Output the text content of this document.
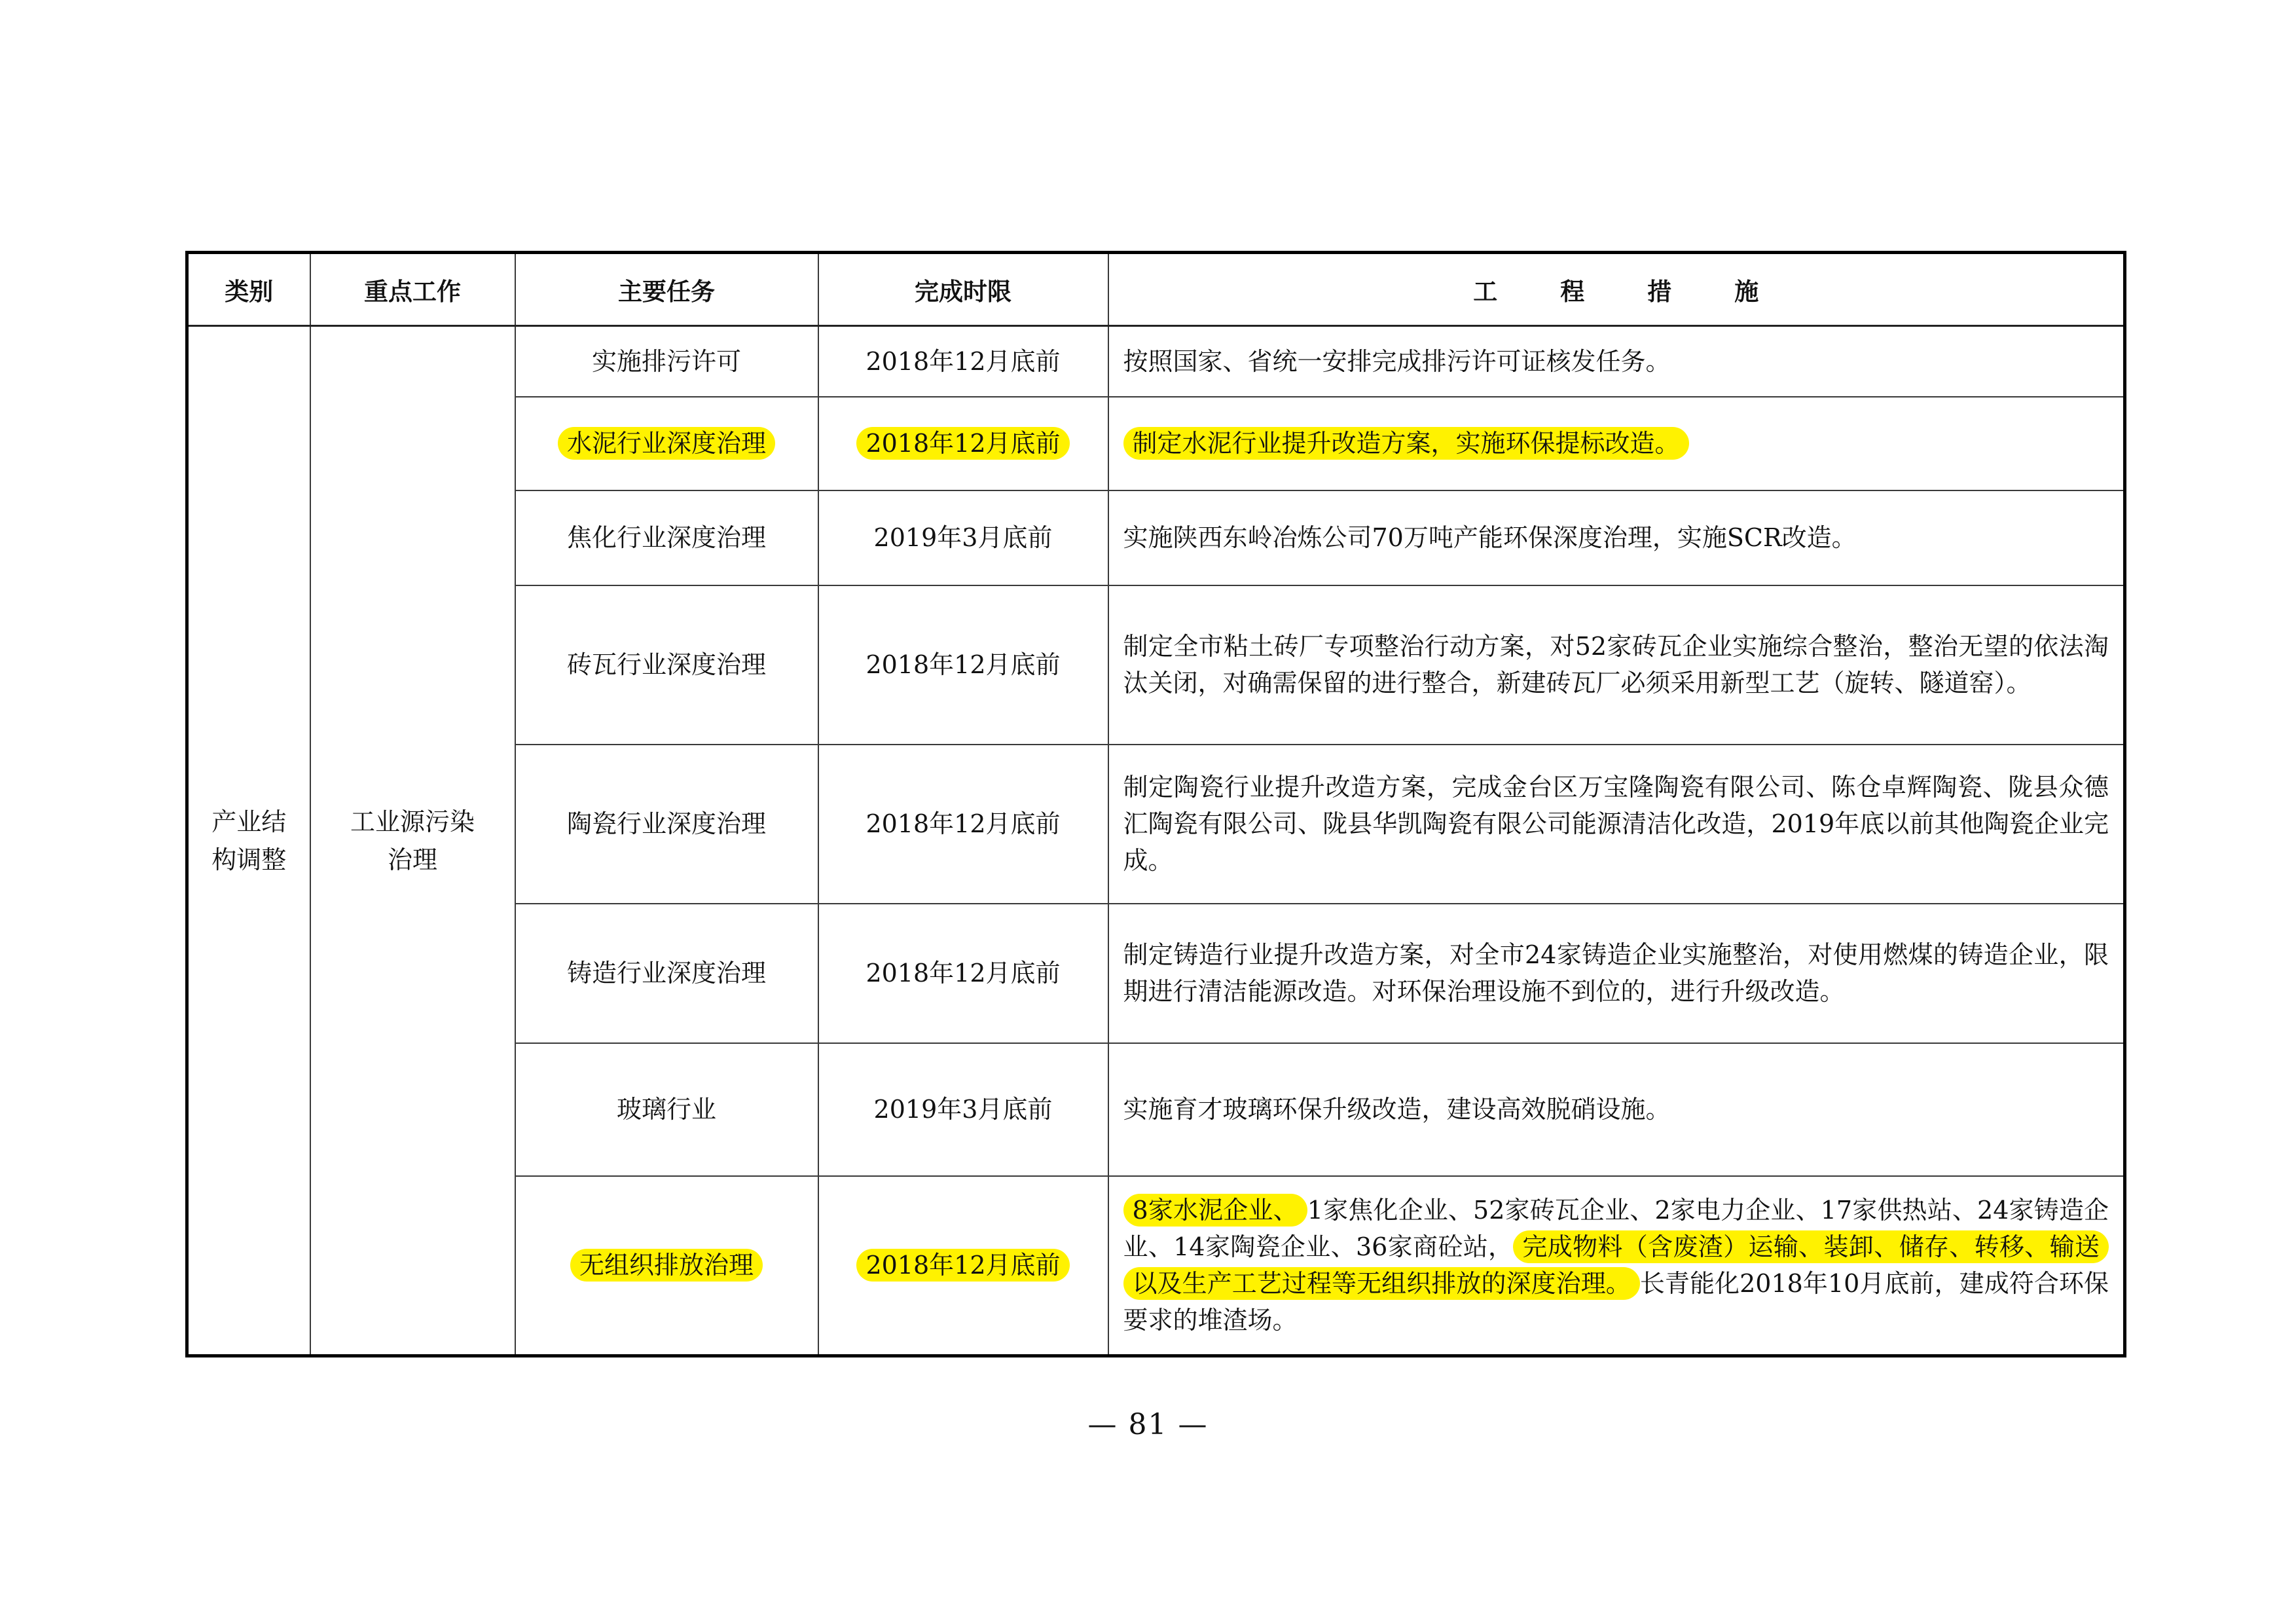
类别	重点工作	主要任务	完成时限	工程措施
产业结构调整	工业源污染治理	实施排污许可	2018年12月底前	按照国家、省统一安排完成排污许可证核发任务。
		水泥行业深度治理	2018年12月底前	制定水泥行业提升改造方案，实施环保提标改造。
		焦化行业深度治理	2019年3月底前	实施陕西东岭冶炼公司70万吨产能环保深度治理，实施SCR改造。
		砖瓦行业深度治理	2018年12月底前	制定全市粘土砖厂专项整治行动方案，对52家砖瓦企业实施综合整治，整治无望的依法淘汰关闭，对确需保留的进行整合，新建砖瓦厂必须采用新型工艺（旋转、隧道窑）。
		陶瓷行业深度治理	2018年12月底前	制定陶瓷行业提升改造方案，完成金台区万宝隆陶瓷有限公司、陈仓卓辉陶瓷、陇县众德汇陶瓷有限公司、陇县华凯陶瓷有限公司能源清洁化改造，2019年底以前其他陶瓷企业完成。
		铸造行业深度治理	2018年12月底前	制定铸造行业提升改造方案，对全市24家铸造企业实施整治，对使用燃煤的铸造企业，限期进行清洁能源改造。对环保治理设施不到位的，进行升级改造。
		玻璃行业	2019年3月底前	实施育才玻璃环保升级改造，建设高效脱硝设施。
		无组织排放治理	2018年12月底前	8家水泥企业、 1家焦化企业、52家砖瓦企业、2家电力企业、17家供热站、24家铸造企业、14家陶瓷企业、36家商砼站， 完成物料（含废渣）运输、装卸、储存、转移、输送以及生产工艺过程等无组织排放的深度治理。 长青能化2018年10月底前，建成符合环保要求的堆渣场。
— 81 —
